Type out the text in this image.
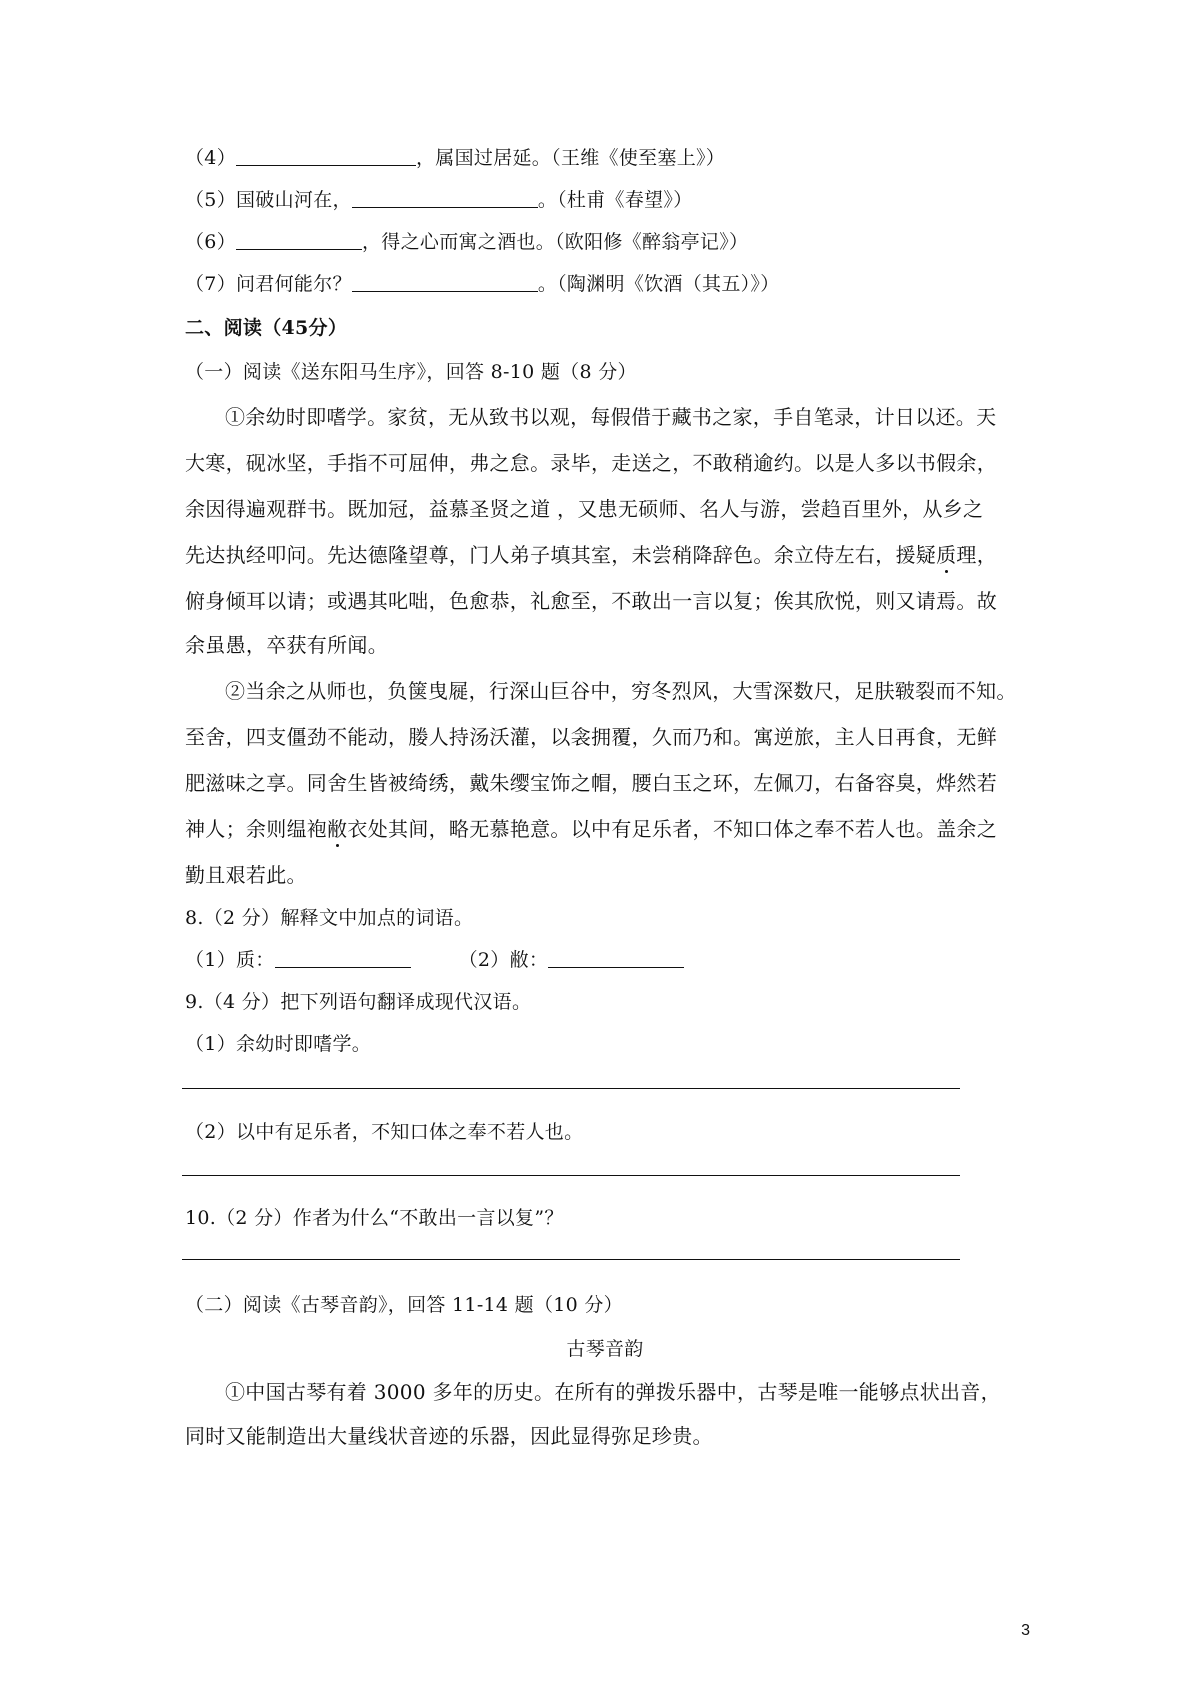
（4）	，属国过居延。（王维《使至塞上》）
（5）国破山河在，	。（杜甫《春望》）
（6）	，得之心而寓之酒也。（欧阳修《醉翁亭记》）
（7）问君何能尔？	。（陶渊明《饮酒（其五）》）
二、阅读（45分）
（一）阅读《送东阳马生序》，回答 8-10 题（8 分）
①余幼时即嗜学。家贫，无从致书以观，每假借于藏书之家，手自笔录，计日以还。天
大寒，砚冰坚，手指不可屈伸，弗之怠。录毕，走送之，不敢稍逾约。以是人多以书假余，
余因得遍观群书。既加冠，益慕圣贤之道 ，又患无硕师、名人与游，尝趋百里外，从乡之
先达执经叩问。先达德隆望尊，门人弟子填其室，未尝稍降辞色。余立侍左右，援疑质理，
俯身倾耳以请；或遇其叱咄，色愈恭，礼愈至，不敢出一言以复；俟其欣悦，则又请焉。故
余虽愚，卒获有所闻。
②当余之从师也，负箧曳屣，行深山巨谷中，穷冬烈风，大雪深数尺，足肤皲裂而不知。
至舍，四支僵劲不能动，媵人持汤沃灌，以衾拥覆，久而乃和。寓逆旅，主人日再食，无鲜
肥滋味之享。同舍生皆被绮绣，戴朱缨宝饰之帽，腰白玉之环，左佩刀，右备容臭，烨然若
神人；余则缊袍敝衣处其间，略无慕艳意。以中有足乐者，不知口体之奉不若人也。盖余之
勤且艰若此。
8.（2 分）解释文中加点的词语。
（1）质：	（2）敝：
9.（4 分）把下列语句翻译成现代汉语。
（1）余幼时即嗜学。
（2）以中有足乐者，不知口体之奉不若人也。
10.（2 分）作者为什么“不敢出一言以复”？
（二）阅读《古琴音韵》，回答 11-14 题（10 分）
古琴音韵
①中国古琴有着 3000 多年的历史。在所有的弹拨乐器中，古琴是唯一能够点状出音，
同时又能制造出大量线状音迹的乐器，因此显得弥足珍贵。
3
